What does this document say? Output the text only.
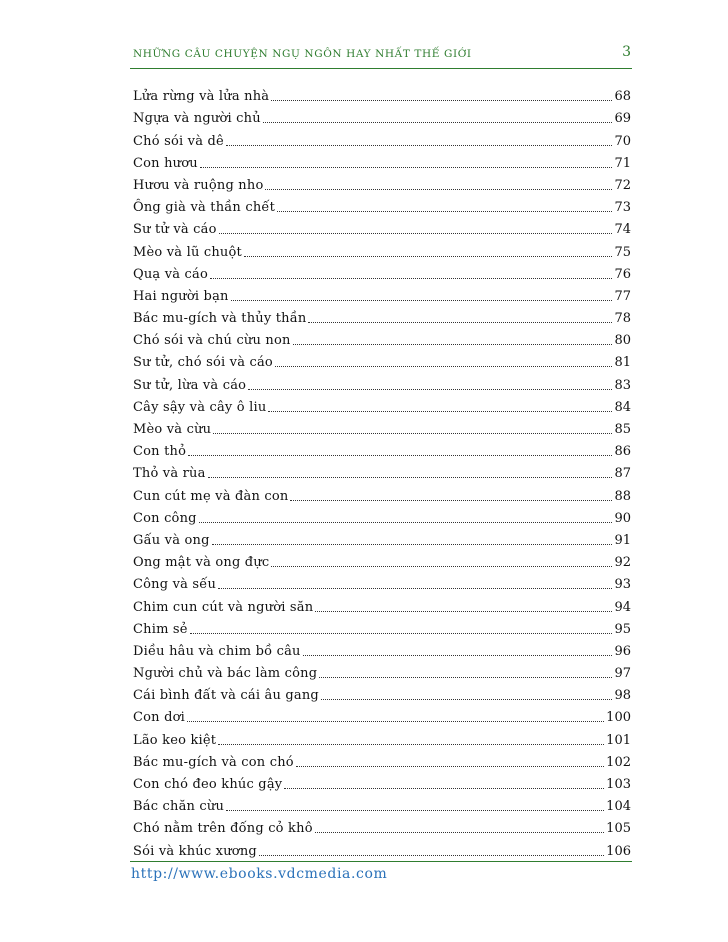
NHỮNG CÂU CHUYỆN NGỤ NGÔN HAY NHẤT THẾ GIỚI	3
Lửa rừng và lửa nhà	68
Ngựa và người chủ	69
Chó sói và dê	70
Con hươu	71
Hươu và ruộng nho	72
Ông già và thần chết	73
Sư tử và cáo	74
Mèo và lũ chuột	75
Quạ và cáo	76
Hai người bạn	77
Bác mu-gích và thủy thần	78
Chó sói và chú cừu non	80
Sư tử, chó sói và cáo	81
Sư tử, lừa và cáo	83
Cây sậy và cây ô liu	84
Mèo và cừu	85
Con thỏ	86
Thỏ và rùa	87
Cun cút mẹ và đàn con	88
Con công	90
Gấu và ong	91
Ong mật và ong đực	92
Công và sếu	93
Chim cun cút và người săn	94
Chim sẻ	95
Diều hâu và chim bồ câu	96
Người chủ và bác làm công	97
Cái bình đất và cái âu gang	98
Con dơi	100
Lão keo kiệt	101
Bác mu-gích và con chó	102
Con chó đeo khúc gậy	103
Bác chăn cừu	104
Chó nằm trên đống cỏ khô	105
Sói và khúc xương	106
http://www.ebooks.vdcmedia.com
